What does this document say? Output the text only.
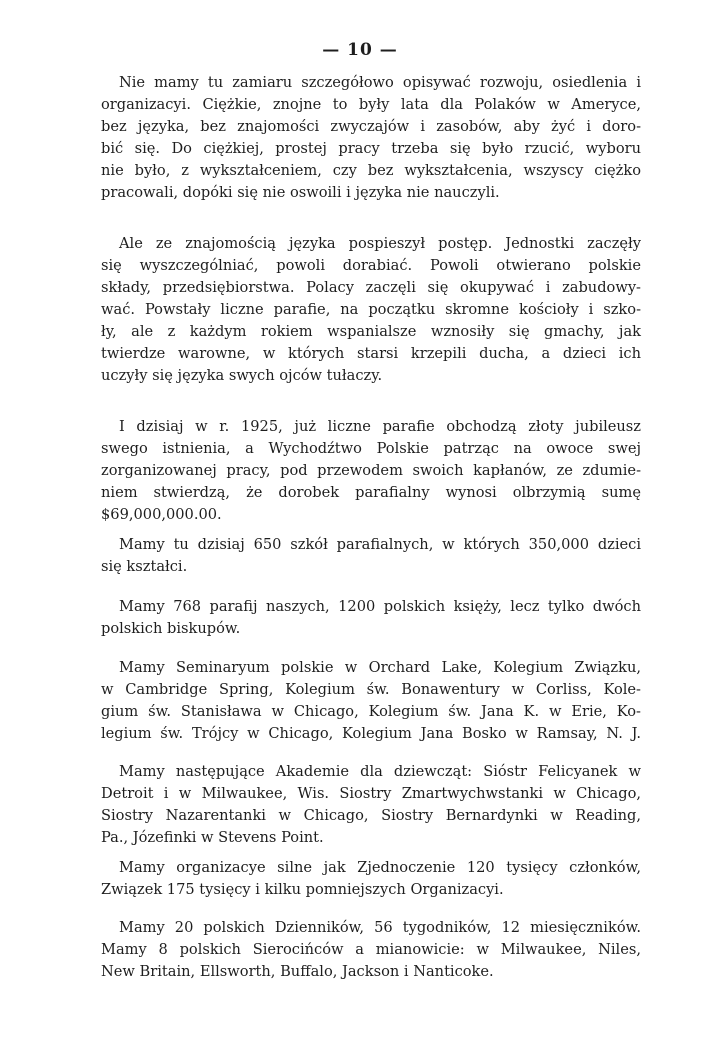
— 10 —
Nie mamy tu zamiaru szczegółowo opisywać rozwoju, osiedlenia i
organizacyi. Ciężkie, znojne to były lata dla Polaków w Ameryce,
bez języka, bez znajomości zwyczajów i zasobów, aby żyć i doro-
bić się. Do ciężkiej, prostej pracy trzeba się było rzucić, wyboru
nie było, z wykształceniem, czy bez wykształcenia, wszyscy ciężko
pracowali, dopóki się nie oswoili i języka nie nauczyli.
Ale ze znajomością języka pospieszył postęp. Jednostki zaczęły
się wyszczególniać, powoli dorabiać. Powoli otwierano polskie
składy, przedsiębiorstwa. Polacy zaczęli się okupywać i zabudowy-
wać. Powstały liczne parafie, na początku skromne kościoły i szko-
ły, ale z każdym rokiem wspanialsze wznosiły się gmachy, jak
twierdze warowne, w których starsi krzepili ducha, a dzieci ich
uczyły się języka swych ojców tułaczy.
I dzisiaj w r. 1925, już liczne parafie obchodzą złoty jubileusz
swego istnienia, a Wychodźtwo Polskie patrząc na owoce swej
zorganizowanej pracy, pod przewodem swoich kapłanów, ze zdumie-
niem stwierdzą, że dorobek parafialny wynosi olbrzymią sumę
$69,000,000.00.
Mamy tu dzisiaj 650 szkół parafialnych, w których 350,000 dzieci
się kształci.
Mamy 768 parafij naszych, 1200 polskich księży, lecz tylko dwóch
polskich biskupów.
Mamy Seminaryum polskie w Orchard Lake, Kolegium Związku,
w Cambridge Spring, Kolegium św. Bonawentury w Corliss, Kole-
gium św. Stanisława w Chicago, Kolegium św. Jana K. w Erie, Ko-
legium św. Trójcy w Chicago, Kolegium Jana Bosko w Ramsay, N. J.
Mamy następujące Akademie dla dziewcząt: Sióstr Felicyanek w
Detroit i w Milwaukee, Wis. Siostry Zmartwychwstanki w Chicago,
Siostry Nazarentanki w Chicago, Siostry Bernardynki w Reading,
Pa., Józefinki w Stevens Point.
Mamy organizacye silne jak Zjednoczenie 120 tysięcy członków,
Związek 175 tysięcy i kilku pomniejszych Organizacyi.
Mamy 20 polskich Dzienników, 56 tygodników, 12 miesięczników.
Mamy 8 polskich Sierocińców a mianowicie: w Milwaukee, Niles,
New Britain, Ellsworth, Buffalo, Jackson i Nanticoke.
